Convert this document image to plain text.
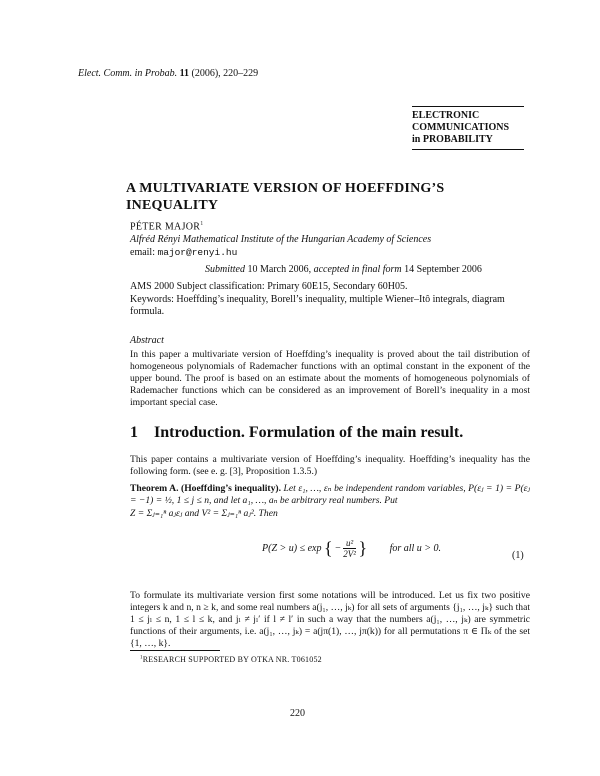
Elect. Comm. in Probab. 11 (2006), 220–229
ELECTRONIC
COMMUNICATIONS
in PROBABILITY
A MULTIVARIATE VERSION OF HOEFFDING’S INEQUALITY
PÉTER MAJOR$^1$
Alfréd Rényi Mathematical Institute of the Hungarian Academy of Sciences
email: major@renyi.hu
Submitted 10 March 2006, accepted in final form 14 September 2006
AMS 2000 Subject classification: Primary 60E15, Secondary 60H05.
Keywords: Hoeffding’s inequality, Borell’s inequality, multiple Wiener–Itô integrals, diagram formula.
Abstract
In this paper a multivariate version of Hoeffding’s inequality is proved about the tail distribution of homogeneous polynomials of Rademacher functions with an optimal constant in the exponent of the upper bound. The proof is based on an estimate about the moments of homogeneous polynomials of Rademacher functions which can be considered as an improvement of Borell’s inequality in a most important special case.
1 Introduction. Formulation of the main result.
This paper contains a multivariate version of Hoeffding’s inequality. Hoeffding’s inequality has the following form. (see e. g. [3], Proposition 1.3.5.)
Theorem A. (Hoeffding’s inequality). Let ε₁, …, εₙ be independent random variables, P(εⱼ = 1) = P(εⱼ = −1) = ½, 1 ≤ j ≤ n, and let a₁, …, aₙ be arbitrary real numbers. Put
Z = Σⱼ₌₁ⁿ aⱼεⱼ and V² = Σⱼ₌₁ⁿ aⱼ². Then
P(Z > u) ≤ exp { − $\frac{\text{u²}}{\text{2V²}}$ } for all u > 0.
(1)
To formulate its multivariate version first some notations will be introduced. Let us fix two positive integers k and n, n ≥ k, and some real numbers a(j₁, …, jₖ) for all sets of arguments {j₁, …, jₖ} such that 1 ≤ jₗ ≤ n, 1 ≤ l ≤ k, and jₗ ≠ jₗ′ if l ≠ l′ in such a way that the numbers a(j₁, …, jₖ) are symmetric functions of their arguments, i.e. a(j₁, …, jₖ) = a(jπ(1), …, jπ(k)) for all permutations π ∈ Πₖ of the set {1, …, k}.
$^1$RESEARCH SUPPORTED BY OTKA NR. T061052
220
